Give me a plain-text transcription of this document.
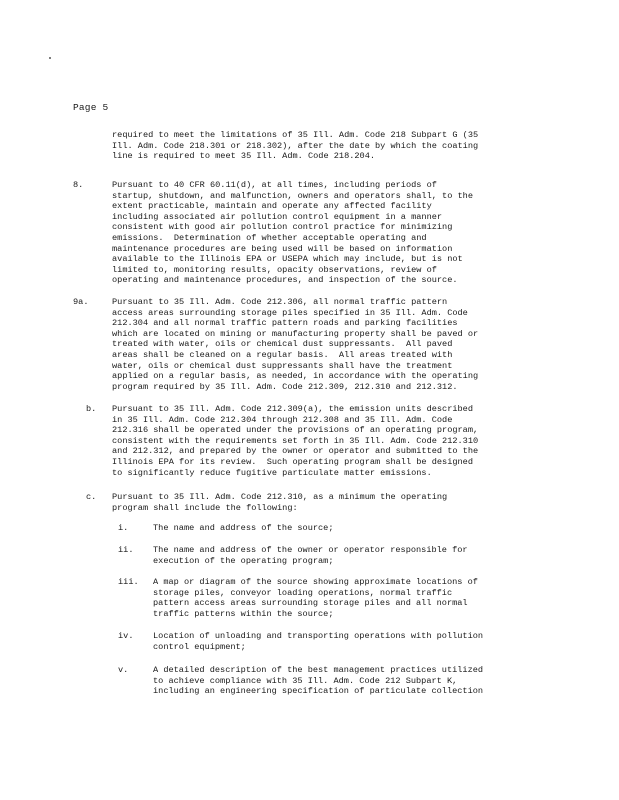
Page 5
required to meet the limitations of 35 Ill. Adm. Code 218 Subpart G (35
Ill. Adm. Code 218.301 or 218.302), after the date by which the coating
line is required to meet 35 Ill. Adm. Code 218.204.
8.	Pursuant to 40 CFR 60.11(d), at all times, including periods of
startup, shutdown, and malfunction, owners and operators shall, to the
extent practicable, maintain and operate any affected facility
including associated air pollution control equipment in a manner
consistent with good air pollution control practice for minimizing
emissions.  Determination of whether acceptable operating and
maintenance procedures are being used will be based on information
available to the Illinois EPA or USEPA which may include, but is not
limited to, monitoring results, opacity observations, review of
operating and maintenance procedures, and inspection of the source.
9a.	Pursuant to 35 Ill. Adm. Code 212.306, all normal traffic pattern
access areas surrounding storage piles specified in 35 Ill. Adm. Code
212.304 and all normal traffic pattern roads and parking facilities
which are located on mining or manufacturing property shall be paved or
treated with water, oils or chemical dust suppressants.  All paved
areas shall be cleaned on a regular basis.  All areas treated with
water, oils or chemical dust suppressants shall have the treatment
applied on a regular basis, as needed, in accordance with the operating
program required by 35 Ill. Adm. Code 212.309, 212.310 and 212.312.
b. Pursuant to 35 Ill. Adm. Code 212.309(a), the emission units described
in 35 Ill. Adm. Code 212.304 through 212.308 and 35 Ill. Adm. Code
212.316 shall be operated under the provisions of an operating program,
consistent with the requirements set forth in 35 Ill. Adm. Code 212.310
and 212.312, and prepared by the owner or operator and submitted to the
Illinois EPA for its review.  Such operating program shall be designed
to significantly reduce fugitive particulate matter emissions.
c. Pursuant to 35 Ill. Adm. Code 212.310, as a minimum the operating
program shall include the following:
i.	The name and address of the source;
ii. The name and address of the owner or operator responsible for
execution of the operating program;
iii. A map or diagram of the source showing approximate locations of
storage piles, conveyor loading operations, normal traffic
pattern access areas surrounding storage piles and all normal
traffic patterns within the source;
iv. Location of unloading and transporting operations with pollution
control equipment;
v.	A detailed description of the best management practices utilized
to achieve compliance with 35 Ill. Adm. Code 212 Subpart K,
including an engineering specification of particulate collection
